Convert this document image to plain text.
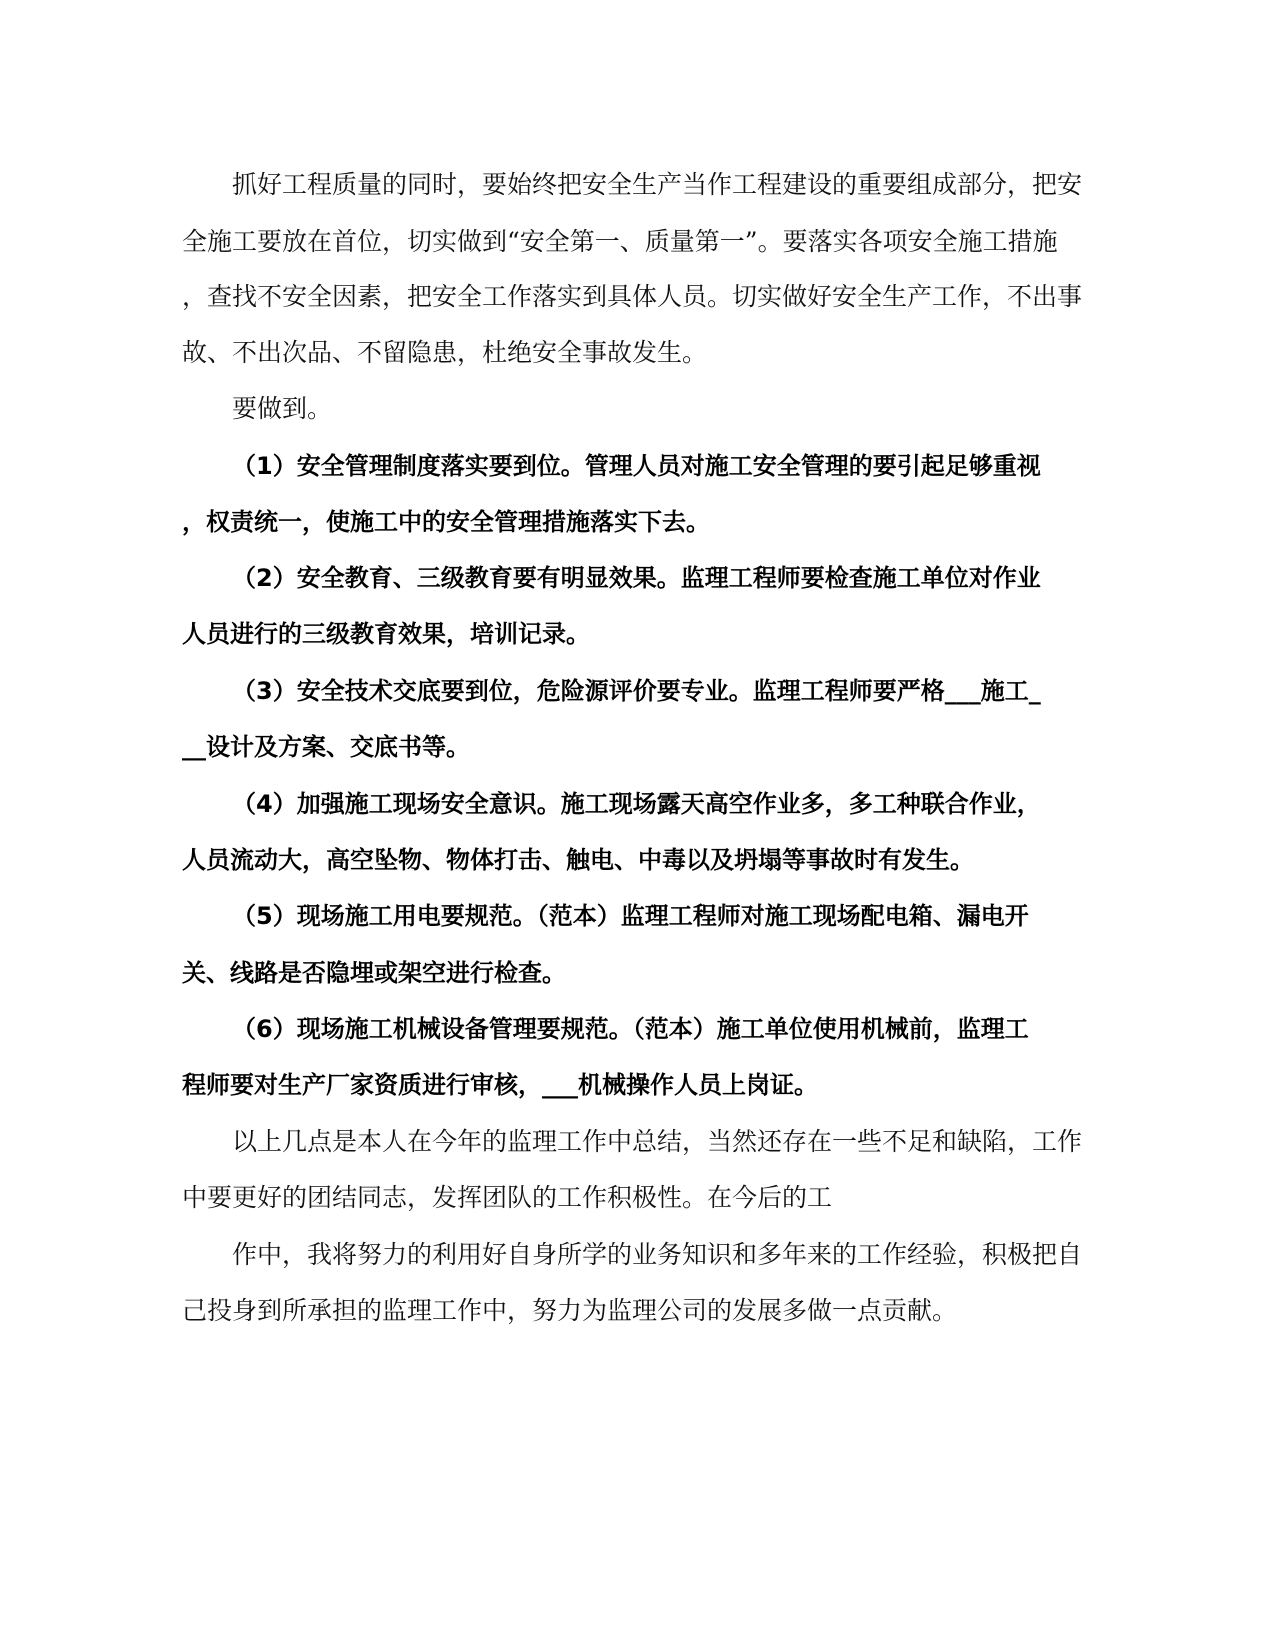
抓好工程质量的同时，要始终把安全生产当作工程建设的重要组成部分，把安
全施工要放在首位，切实做到“安全第一、质量第一”。要落实各项安全施工措施
，查找不安全因素，把安全工作落实到具体人员。切实做好安全生产工作，不出事
故、不出次品、不留隐患，杜绝安全事故发生。
要做到。
（1）安全管理制度落实要到位。管理人员对施工安全管理的要引起足够重视
，权责统一，使施工中的安全管理措施落实下去。
（2）安全教育、三级教育要有明显效果。监理工程师要检查施工单位对作业
人员进行的三级教育效果，培训记录。
（3）安全技术交底要到位，危险源评价要专业。监理工程师要严格___施工_
__设计及方案、交底书等。
（4）加强施工现场安全意识。施工现场露天高空作业多，多工种联合作业，
人员流动大，高空坠物、物体打击、触电、中毒以及坍塌等事故时有发生。
（5）现场施工用电要规范。（范本）监理工程师对施工现场配电箱、漏电开
关、线路是否隐埋或架空进行检查。
（6）现场施工机械设备管理要规范。（范本）施工单位使用机械前，监理工
程师要对生产厂家资质进行审核，___机械操作人员上岗证。
以上几点是本人在今年的监理工作中总结，当然还存在一些不足和缺陷，工作
中要更好的团结同志，发挥团队的工作积极性。在今后的工
作中，我将努力的利用好自身所学的业务知识和多年来的工作经验，积极把自
己投身到所承担的监理工作中，努力为监理公司的发展多做一点贡献。
